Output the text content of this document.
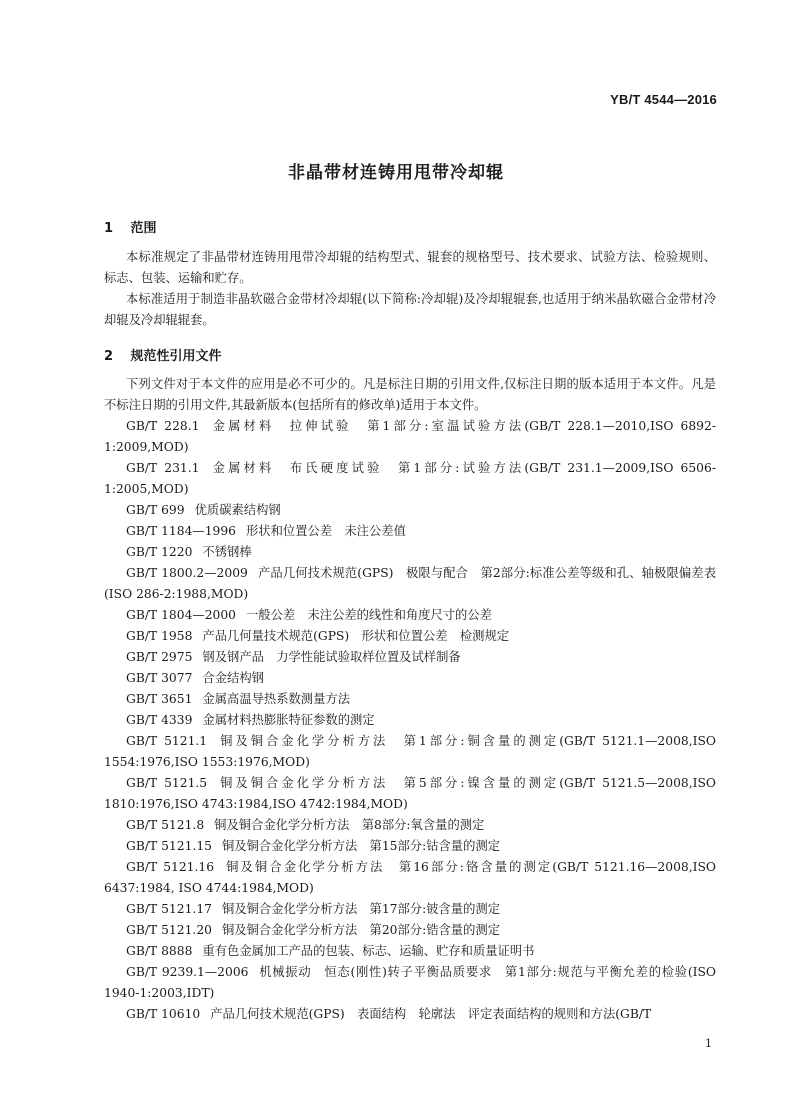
YB/T 4544—2016
非晶带材连铸用甩带冷却辊
1 范围

本标准规定了非晶带材连铸用甩带冷却辊的结构型式、辊套的规格型号、技术要求、试验方法、检验规则、标志、包装、运输和贮存。

本标准适用于制造非晶软磁合金带材冷却辊(以下简称:冷却辊)及冷却辊辊套,也适用于纳米晶软磁合金带材冷却辊及冷却辊辊套。

2 规范性引用文件

下列文件对于本文件的应用是必不可少的。凡是标注日期的引用文件,仅标注日期的版本适用于本文件。凡是不标注日期的引用文件,其最新版本(包括所有的修改单)适用于本文件。

GB/T 228.1 金属材料　拉伸试验　第1部分:室温试验方法(GB/T 228.1—2010,ISO 6892-1:2009,MOD)

GB/T 231.1 金属材料　布氏硬度试验　第1部分:试验方法(GB/T 231.1—2009,ISO 6506-1:2005,MOD)

GB/T 699 优质碳素结构钢

GB/T 1184—1996 形状和位置公差　未注公差值

GB/T 1220 不锈钢棒

GB/T 1800.2—2009 产品几何技术规范(GPS)　极限与配合　第2部分:标准公差等级和孔、轴极限偏差表(ISO 286-2:1988,MOD)

GB/T 1804—2000 一般公差　未注公差的线性和角度尺寸的公差

GB/T 1958 产品几何量技术规范(GPS)　形状和位置公差　检测规定

GB/T 2975 钢及钢产品　力学性能试验取样位置及试样制备

GB/T 3077 合金结构钢

GB/T 3651 金属高温导热系数测量方法

GB/T 4339 金属材料热膨胀特征参数的测定

GB/T 5121.1 铜及铜合金化学分析方法　第1部分:铜含量的测定(GB/T 5121.1—2008,ISO 1554:1976,ISO 1553:1976,MOD)

GB/T 5121.5 铜及铜合金化学分析方法　第5部分:镍含量的测定(GB/T 5121.5—2008,ISO 1810:1976,ISO 4743:1984,ISO 4742:1984,MOD)

GB/T 5121.8 铜及铜合金化学分析方法　第8部分:氧含量的测定

GB/T 5121.15 铜及铜合金化学分析方法　第15部分:钴含量的测定

GB/T 5121.16 铜及铜合金化学分析方法　第16部分:铬含量的测定(GB/T 5121.16—2008,ISO 6437:1984, ISO 4744:1984,MOD)

GB/T 5121.17 铜及铜合金化学分析方法　第17部分:铍含量的测定

GB/T 5121.20 铜及铜合金化学分析方法　第20部分:锆含量的测定

GB/T 8888 重有色金属加工产品的包装、标志、运输、贮存和质量证明书

GB/T 9239.1—2006 机械振动　恒态(刚性)转子平衡品质要求　第1部分:规范与平衡允差的检验(ISO 1940-1:2003,IDT)

GB/T 10610 产品几何技术规范(GPS)　表面结构　轮廓法　评定表面结构的规则和方法(GB/T

1
